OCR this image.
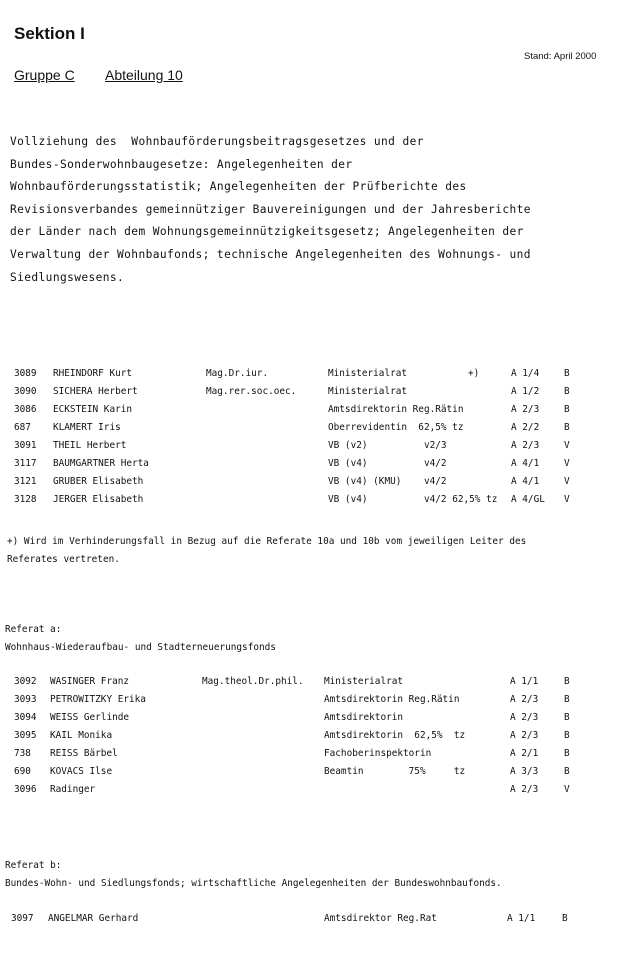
Sektion I
Stand: April 2000
Gruppe C Abteilung 10
Vollziehung des  Wohnbauförderungsbeitragsgesetzes und der
Bundes-Sonderwohnbaugesetze: Angelegenheiten der
Wohnbauförderungsstatistik; Angelegenheiten der Prüfberichte des
Revisionsverbandes gemeinnütziger Bauvereinigungen und der Jahresberichte
der Länder nach dem Wohnungsgemeinnützigkeitsgesetz; Angelegenheiten der
Verwaltung der Wohnbaufonds; technische Angelegenheiten des Wohnungs- und
Siedlungswesens.
3089 RHEINDORF Kurt	Mag.Dr.iur.	Ministerialrat	+)	A 1/4	B
3090 SICHERA Herbert	Mag.rer.soc.oec.	Ministerialrat	A 1/2	B
3086 ECKSTEIN Karin	Amtsdirektorin Reg.Rätin	A 2/3	B
687 KLAMERT Iris	Oberrevidentin  62,5% tz	A 2/2	B
3091 THEIL Herbert	VB (v2)	v2/3	A 2/3	V
3117 BAUMGARTNER Herta	VB (v4)	v4/2	A 4/1	V
3121 GRUBER Elisabeth	VB (v4) (KMU) v4/2	A 4/1	V
3128 JERGER Elisabeth	VB (v4)	v4/2 62,5% tz A 4/GL V
+) Wird im Verhinderungsfall in Bezug auf die Referate 10a und 10b vom jeweiligen Leiter des
Referates vertreten.
Referat a:
Wohnhaus-Wiederaufbau- und Stadterneuerungsfonds
3092 WASINGER Franz	Mag.theol.Dr.phil. Ministerialrat	A 1/1	B
3093 PETROWITZKY Erika	Amtsdirektorin Reg.Rätin	A 2/3	B
3094 WEISS Gerlinde	Amtsdirektorin	A 2/3	B
3095 KAIL Monika	Amtsdirektorin  62,5%  tz	A 2/3	B
738 REISS Bärbel	Fachoberinspektorin	A 2/1	B
690 KOVACS Ilse	Beamtin        75%     tz	A 3/3	B
3096 Radinger	A 2/3	V
Referat b:
Bundes-Wohn- und Siedlungsfonds; wirtschaftliche Angelegenheiten der Bundeswohnbaufonds.
3097 ANGELMAR Gerhard	Amtsdirektor Reg.Rat	A 1/1	B
